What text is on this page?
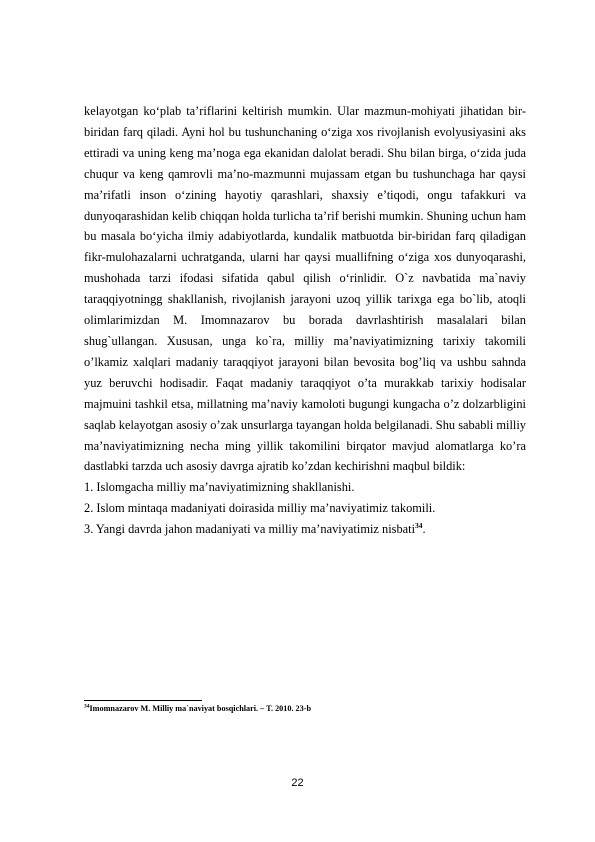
kelayotgan ko‘plab ta’riflarini keltirish mumkin. Ular mazmun-mohiyati jihatidan bir-biridan farq qiladi. Ayni hol bu tushunchaning o‘ziga xos rivojlanish evolyusiyasini aks ettiradi va uning keng ma’noga ega ekanidan dalolat beradi. Shu bilan birga, o‘zida juda chuqur va keng qamrovli ma’no-mazmunni mujassam etgan bu tushunchaga har qaysi ma’rifatli inson o‘zining hayotiy qarashlari, shaxsiy e’tiqodi, ongu tafakkuri va dunyoqarashidan kelib chiqqan holda turlicha ta’rif berishi mumkin. Shuning uchun ham bu masala bo‘yicha ilmiy adabiyotlarda, kundalik matbuotda bir-biridan farq qiladigan fikr-mulohazalarni uchratganda, ularni har qaysi muallifning o‘ziga xos dunyoqarashi, mushohada tarzi ifodasi sifatida qabul qilish o‘rinlidir. O`z navbatida ma`naviy taraqqiyotningg shakllanish, rivojlanish jarayoni uzoq yillik tarixga ega bo`lib, atoqli olimlarimizdan M. Imomnazarov bu borada davrlashtirish masalalari bilan shug`ullangan. Xususan, unga ko`ra, milliy ma’naviyatimizning tarixiy takomili o’lkamiz xalqlari madaniy taraqqiyot jarayoni bilan bevosita bog’liq va ushbu sahnda yuz beruvchi hodisadir. Faqat madaniy taraqqiyot o’ta murakkab tarixiy hodisalar majmuini tashkil etsa, millatning ma’naviy kamoloti bugungi kungacha o’z dolzarbligini saqlab kelayotgan asosiy o’zak unsurlarga tayangan holda belgilanadi. Shu sababli milliy ma’naviyatimizning necha ming yillik takomilini birqator mavjud alomatlarga ko’ra dastlabki tarzda uch asosiy davrga ajratib ko’zdan kechirishni maqbul bildik:

1. Islomgacha milliy ma’naviyatimizning shakllanishi.

2. Islom mintaqa madaniyati doirasida milliy ma’naviyatimiz takomili.

3. Yangi davrda jahon madaniyati va milliy ma’naviyatimiz nisbati$^{34}$.

$^{34}$Imomnazarov M. Milliy ma`naviyat bosqichlari. – T. 2010. 23-b
22
